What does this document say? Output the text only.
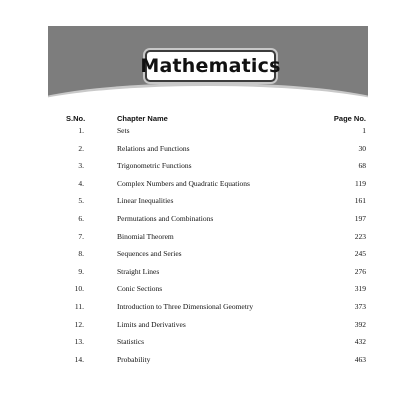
Mathematics
TABLE OF CONTENT
S.No.	Chapter Name	Page No.
1.	Sets	1
2.	Relations and Functions	30
3.	Trigonometric Functions	68
4.	Complex Numbers and Quadratic Equations	119
5.	Linear Inequalities	161
6.	Permutations and Combinations	197
7.	Binomial Theorem	223
8.	Sequences and Series	245
9.	Straight Lines	276
10.	Conic Sections	319
11.	Introduction to Three Dimensional Geometry	373
12.	Limits and Derivatives	392
13.	Statistics	432
14.	Probability	463
